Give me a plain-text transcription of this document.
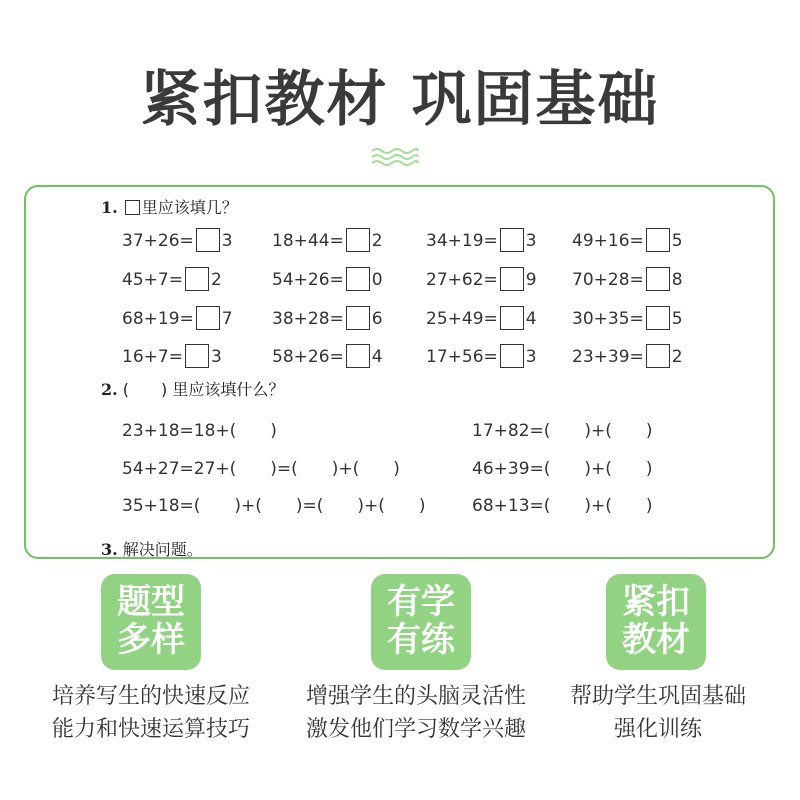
紧扣教材 巩固基础
1. 里应该填几？
37+26= 3 18+44= 2	34+19= 3 49+16= 5
45+7= 2	54+26= 0	27+62= 9 70+28= 8
68+19= 7 38+28= 6	25+49= 4 30+35= 5
16+7= 3	58+26= 4	17+56= 3 23+39= 2
2. (　　) 里应该填什么？
23+18=18+(　　)	17+82=(　　)+(　　)
54+27=27+(　　)=(　　)+(　　)	46+39=(　　)+(　　)
35+18=(　　)+(　　)=(　　)+(　　)	68+13=(　　)+(　　)
3. 解决问题。
题型
多样
有学
有练
紧扣
教材
培养写生的快速反应
能力和快速运算技巧
增强学生的头脑灵活性
激发他们学习数学兴趣
帮助学生巩固基础
强化训练
